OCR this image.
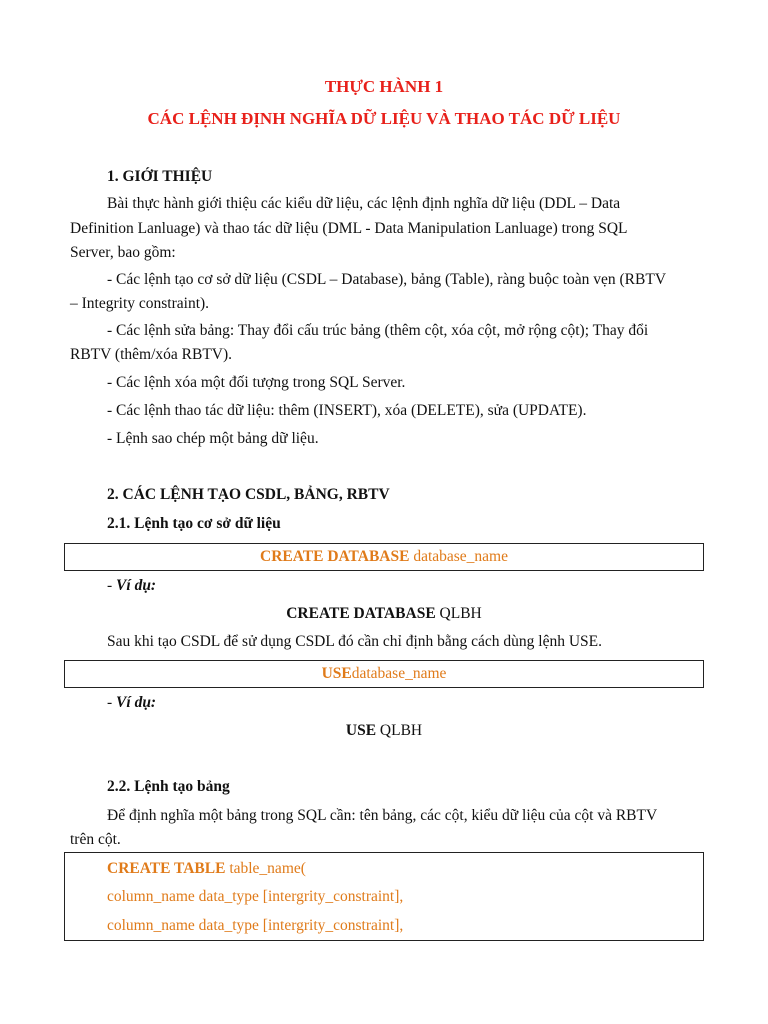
THỰC HÀNH 1
CÁC LỆNH ĐỊNH NGHĨA DỮ LIỆU VÀ THAO TÁC DỮ LIỆU
1. GIỚI THIỆU
Bài thực hành giới thiệu các kiểu dữ liệu, các lệnh định nghĩa dữ liệu (DDL – Data
Definition Lanluage) và thao tác dữ liệu (DML - Data Manipulation Lanluage) trong SQL
Server, bao gồm:
- Các lệnh tạo cơ sở dữ liệu (CSDL – Database), bảng (Table), ràng buộc toàn vẹn (RBTV
– Integrity constraint).
- Các lệnh sửa bảng: Thay đổi cấu trúc bảng (thêm cột, xóa cột, mở rộng cột); Thay đổi
RBTV (thêm/xóa RBTV).
- Các lệnh xóa một đối tượng trong SQL Server.
- Các lệnh thao tác dữ liệu: thêm (INSERT), xóa (DELETE), sửa (UPDATE).
- Lệnh sao chép một bảng dữ liệu.
2. CÁC LỆNH TẠO CSDL, BẢNG, RBTV
2.1. Lệnh tạo cơ sở dữ liệu
CREATE DATABASE database_name
- Ví dụ:
CREATE DATABASE QLBH
Sau khi tạo CSDL để sử dụng CSDL đó cần chỉ định bằng cách dùng lệnh USE.
USEdatabase_name
- Ví dụ:
USE QLBH
2.2. Lệnh tạo bảng
Để định nghĩa một bảng trong SQL cần: tên bảng, các cột, kiểu dữ liệu của cột và RBTV
trên cột.
CREATE TABLE table_name(
column_name data_type [intergrity_constraint],
column_name data_type [intergrity_constraint],
